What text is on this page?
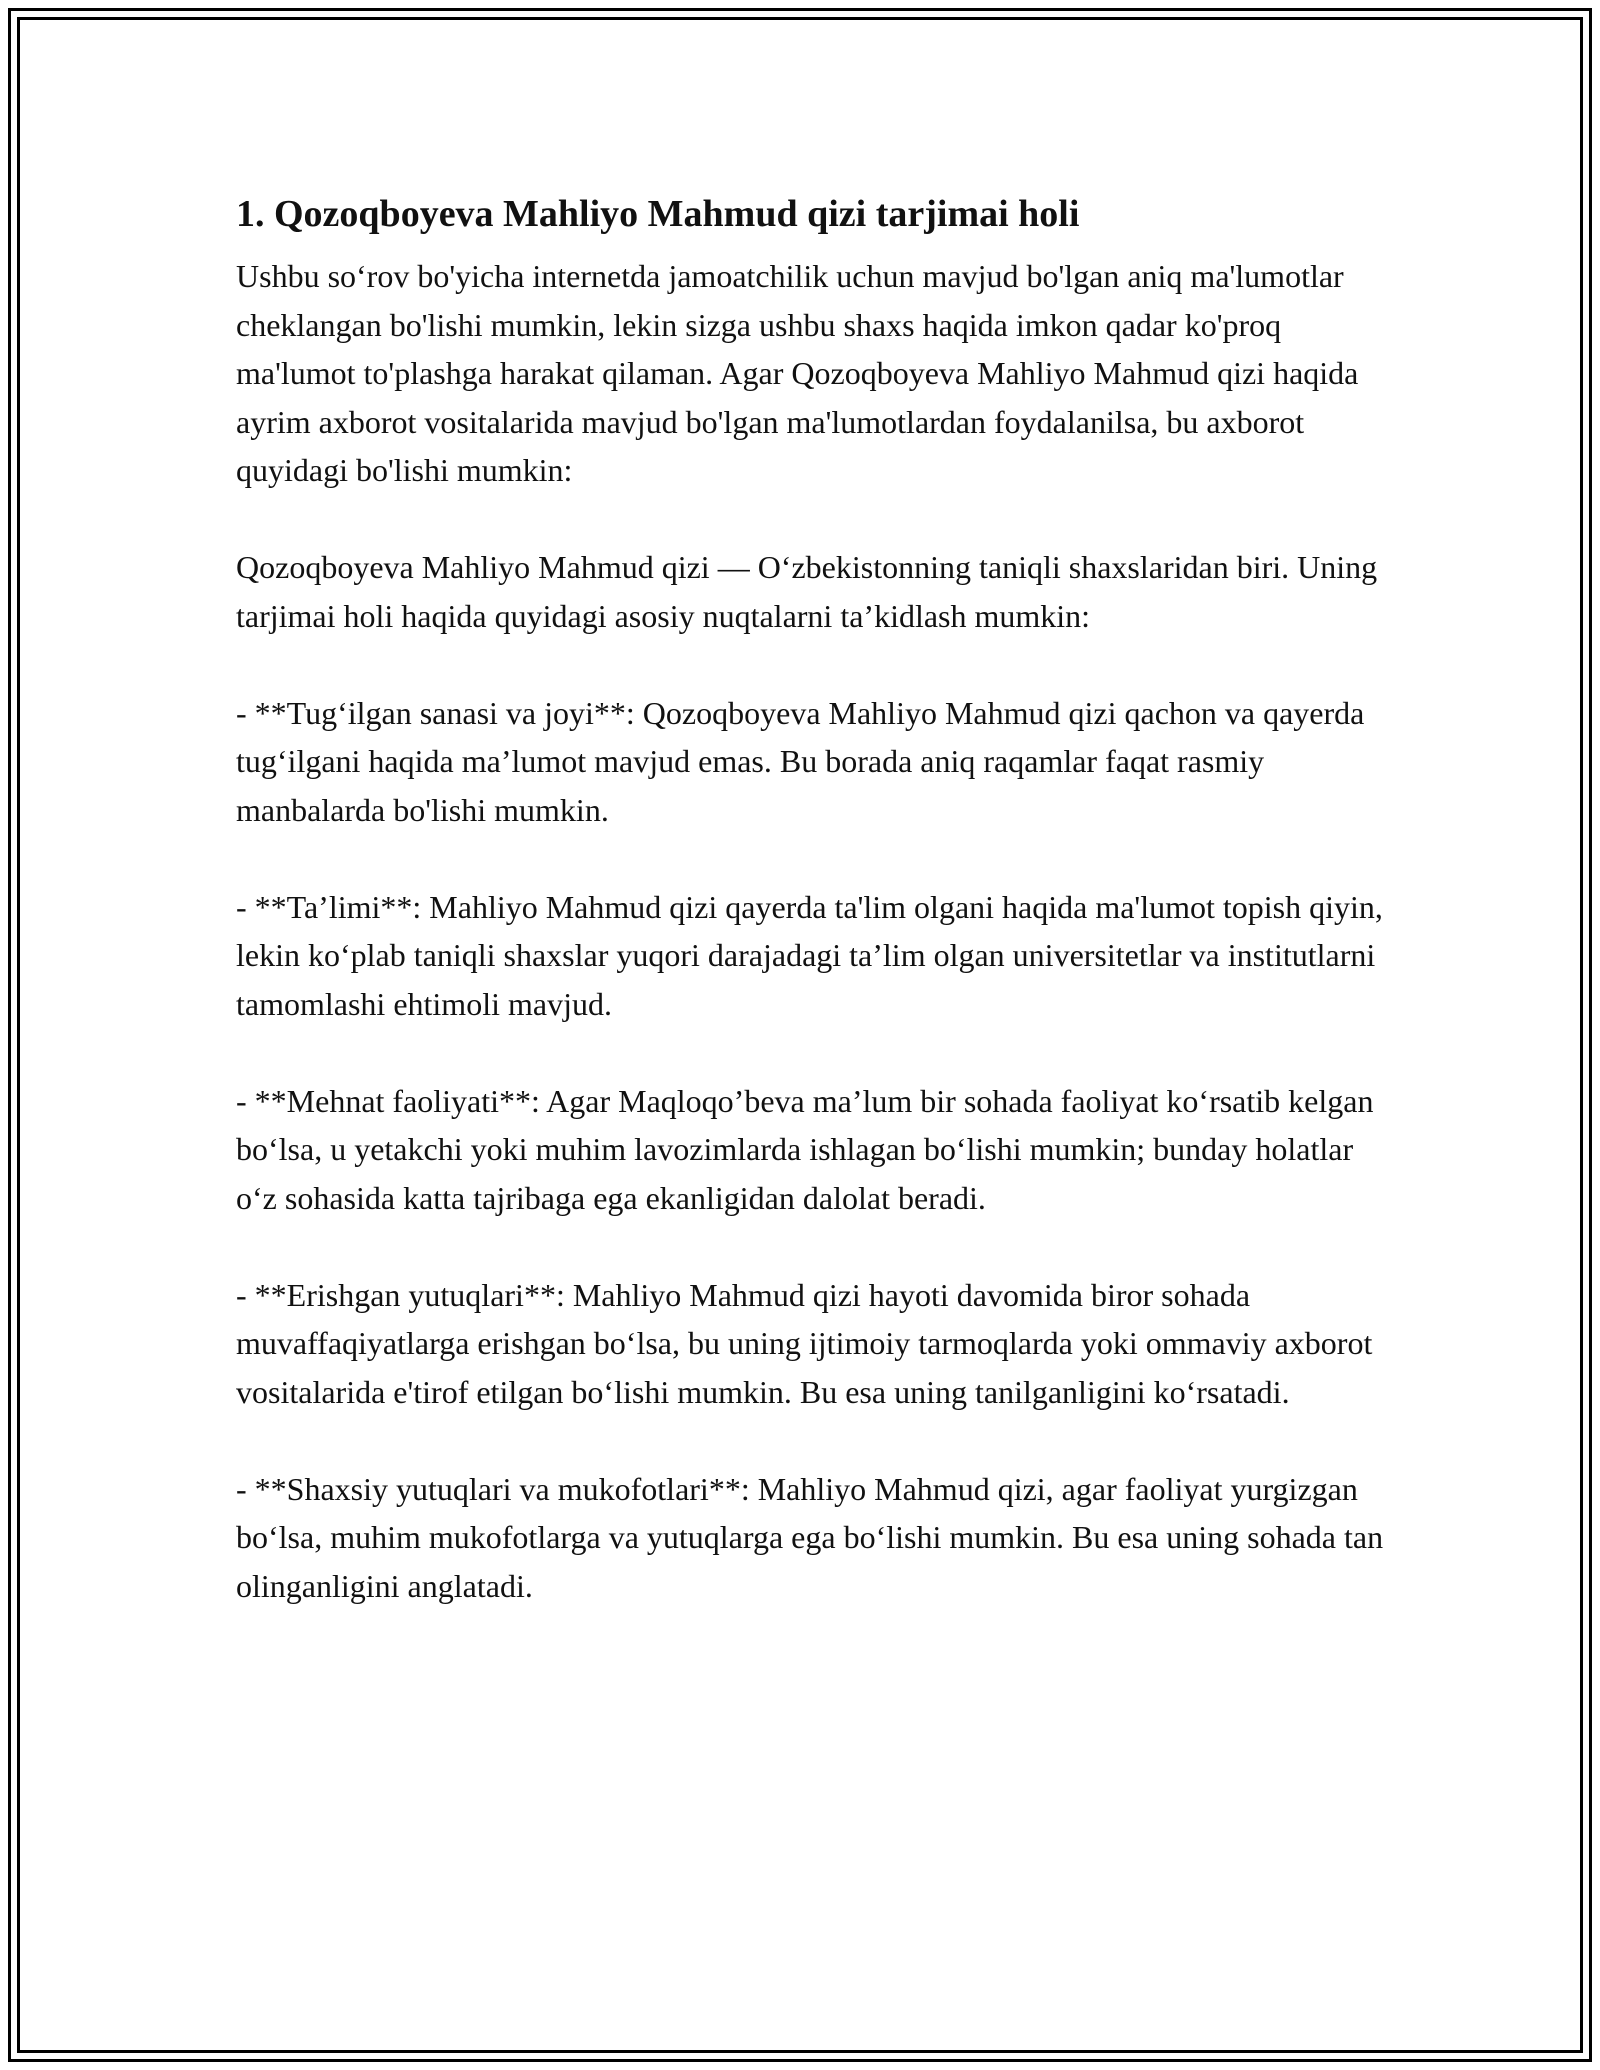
1. Qozoqboyeva Mahliyo Mahmud qizi tarjimai holi

Ushbu so‘rov bo'yicha internetda jamoatchilik uchun mavjud bo'lgan aniq ma'lumotlar cheklangan bo'lishi mumkin, lekin sizga ushbu shaxs haqida imkon qadar ko'proq ma'lumot to'plashga harakat qilaman. Agar Qozoqboyeva Mahliyo Mahmud qizi haqida ayrim axborot vositalarida mavjud bo'lgan ma'lumotlardan foydalanilsa, bu axborot quyidagi bo'lishi mumkin:

Qozoqboyeva Mahliyo Mahmud qizi — O‘zbekistonning taniqli shaxslaridan biri. Uning tarjimai holi haqida quyidagi asosiy nuqtalarni ta’kidlash mumkin:

- **Tug‘ilgan sanasi va joyi**: Qozoqboyeva Mahliyo Mahmud qizi qachon va qayerda tug‘ilgani haqida ma’lumot mavjud emas. Bu borada aniq raqamlar faqat rasmiy manbalarda bo'lishi mumkin.

- **Ta’limi**: Mahliyo Mahmud qizi qayerda ta'lim olgani haqida ma'lumot topish qiyin, lekin ko‘plab taniqli shaxslar yuqori darajadagi ta’lim olgan universitetlar va institutlarni tamomlashi ehtimoli mavjud.

- **Mehnat faoliyati**: Agar Maqloqo’beva ma’lum bir sohada faoliyat ko‘rsatib kelgan bo‘lsa, u yetakchi yoki muhim lavozimlarda ishlagan bo‘lishi mumkin; bunday holatlar o‘z sohasida katta tajribaga ega ekanligidan dalolat beradi.

- **Erishgan yutuqlari**: Mahliyo Mahmud qizi hayoti davomida biror sohada muvaffaqiyatlarga erishgan bo‘lsa, bu uning ijtimoiy tarmoqlarda yoki ommaviy axborot vositalarida e'tirof etilgan bo‘lishi mumkin. Bu esa uning tanilganligini ko‘rsatadi.

- **Shaxsiy yutuqlari va mukofotlari**: Mahliyo Mahmud qizi, agar faoliyat yurgizgan bo‘lsa, muhim mukofotlarga va yutuqlarga ega bo‘lishi mumkin. Bu esa uning sohada tan olinganligini anglatadi.
